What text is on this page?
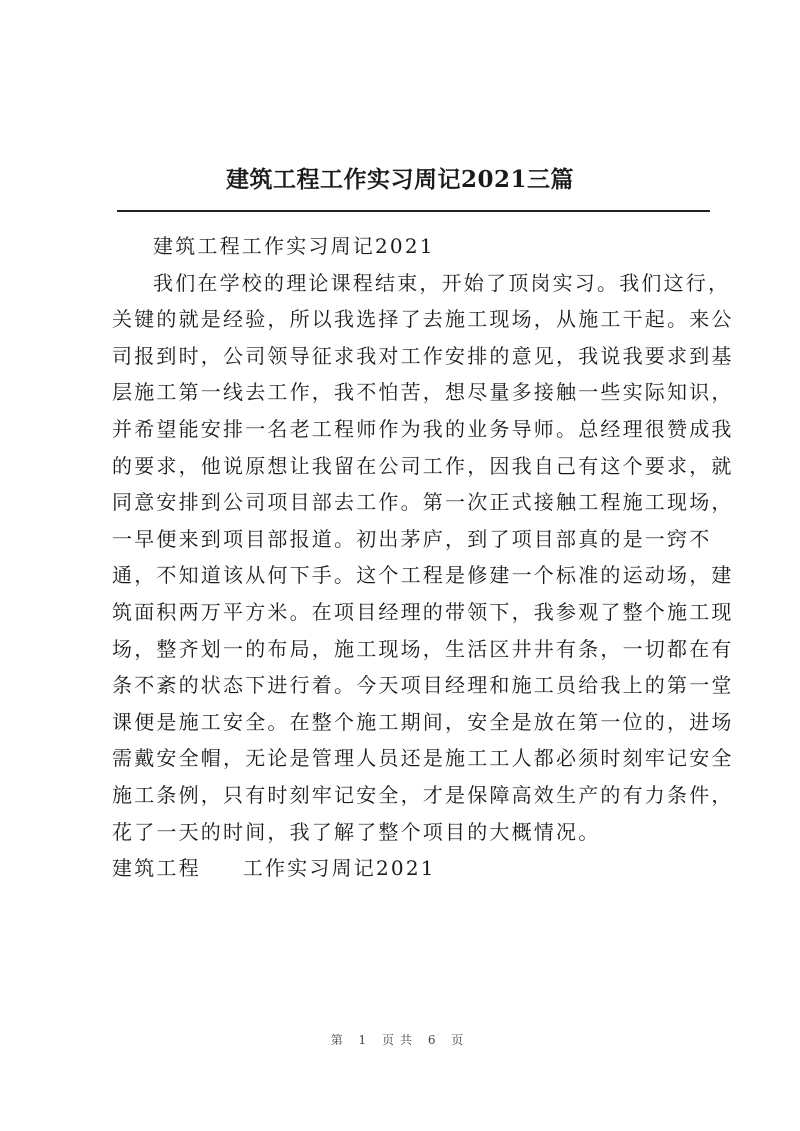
建筑工程工作实习周记2021三篇
建筑工程工作实习周记2021
我们在学校的理论课程结束，开始了顶岗实习。我们这行，
关键的就是经验，所以我选择了去施工现场，从施工干起。来公
司报到时，公司领导征求我对工作安排的意见，我说我要求到基
层施工第一线去工作，我不怕苦，想尽量多接触一些实际知识，
并希望能安排一名老工程师作为我的业务导师。总经理很赞成我
的要求，他说原想让我留在公司工作，因我自己有这个要求，就
同意安排到公司项目部去工作。第一次正式接触工程施工现场，
一早便来到项目部报道。初出茅庐，到了项目部真的是一窍不
通，不知道该从何下手。这个工程是修建一个标准的运动场，建
筑面积两万平方米。在项目经理的带领下，我参观了整个施工现
场，整齐划一的布局，施工现场，生活区井井有条，一切都在有
条不紊的状态下进行着。今天项目经理和施工员给我上的第一堂
课便是施工安全。在整个施工期间，安全是放在第一位的，进场
需戴安全帽，无论是管理人员还是施工工人都必须时刻牢记安全
施工条例，只有时刻牢记安全，才是保障高效生产的有力条件，
花了一天的时间，我了解了整个项目的大概情况。
建筑工程 工作实习周记2021
第 1 页共 6 页
